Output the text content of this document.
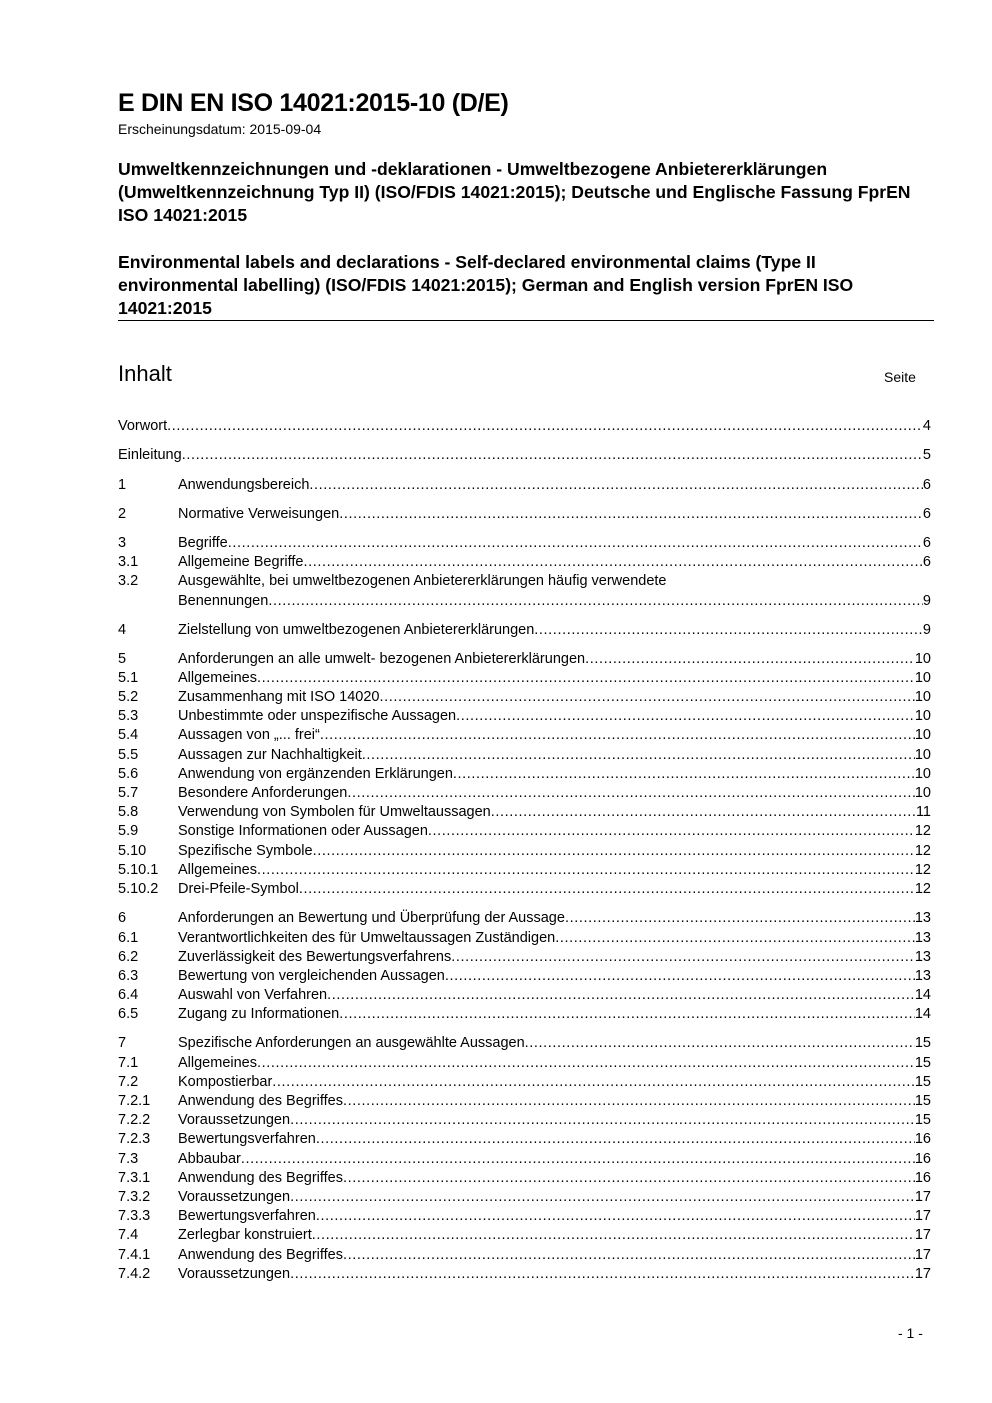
E DIN EN ISO 14021:2015-10 (D/E)
Erscheinungsdatum: 2015-09-04
Umweltkennzeichnungen und -deklarationen - Umweltbezogene Anbietererklärungen (Umweltkennzeichnung Typ II) (ISO/FDIS 14021:2015); Deutsche und Englische Fassung FprEN ISO 14021:2015
Environmental labels and declarations - Self-declared environmental claims (Type II environmental labelling) (ISO/FDIS 14021:2015); German and English version FprEN ISO 14021:2015
Inhalt	Seite
Vorwort .....	4
Einleitung .....	5
1	Anwendungsbereich .....	6
2	Normative Verweisungen .....	6
3	Begriffe .....	6
3.1	Allgemeine Begriffe .....	6
3.2	Ausgewählte, bei umweltbezogenen Anbietererklärungen häufig verwendete
Benennungen .....	9
4	Zielstellung von umweltbezogenen Anbietererklärungen .....	9
5	Anforderungen an alle umwelt- bezogenen Anbietererklärungen .....	10
5.1	Allgemeines .....	10
5.2	Zusammenhang mit ISO 14020 .....	10
5.3	Unbestimmte oder unspezifische Aussagen .....	10
5.4	Aussagen von „... frei“ .....	10
5.5	Aussagen zur Nachhaltigkeit .....	10
5.6	Anwendung von ergänzenden Erklärungen .....	10
5.7	Besondere Anforderungen .....	10
5.8	Verwendung von Symbolen für Umweltaussagen .....	11
5.9	Sonstige Informationen oder Aussagen .....	12
5.10 Spezifische Symbole .....	12
5.10.1 Allgemeines .....	12
5.10.2 Drei-Pfeile-Symbol .....	12
6	Anforderungen an Bewertung und Überprüfung der Aussage .....	13
6.1	Verantwortlichkeiten des für Umweltaussagen Zuständigen .....	13
6.2	Zuverlässigkeit des Bewertungsverfahrens .....	13
6.3	Bewertung von vergleichenden Aussagen .....	13
6.4	Auswahl von Verfahren .....	14
6.5	Zugang zu Informationen .....	14
7	Spezifische Anforderungen an ausgewählte Aussagen .....	15
7.1	Allgemeines .....	15
7.2	Kompostierbar .....	15
7.2.1 Anwendung des Begriffes .....	15
7.2.2 Voraussetzungen .....	15
7.2.3 Bewertungsverfahren .....	16
7.3	Abbaubar .....	16
7.3.1 Anwendung des Begriffes .....	16
7.3.2 Voraussetzungen .....	17
7.3.3 Bewertungsverfahren .....	17
7.4	Zerlegbar konstruiert .....	17
7.4.1 Anwendung des Begriffes .....	17
7.4.2 Voraussetzungen .....	17
- 1 -
